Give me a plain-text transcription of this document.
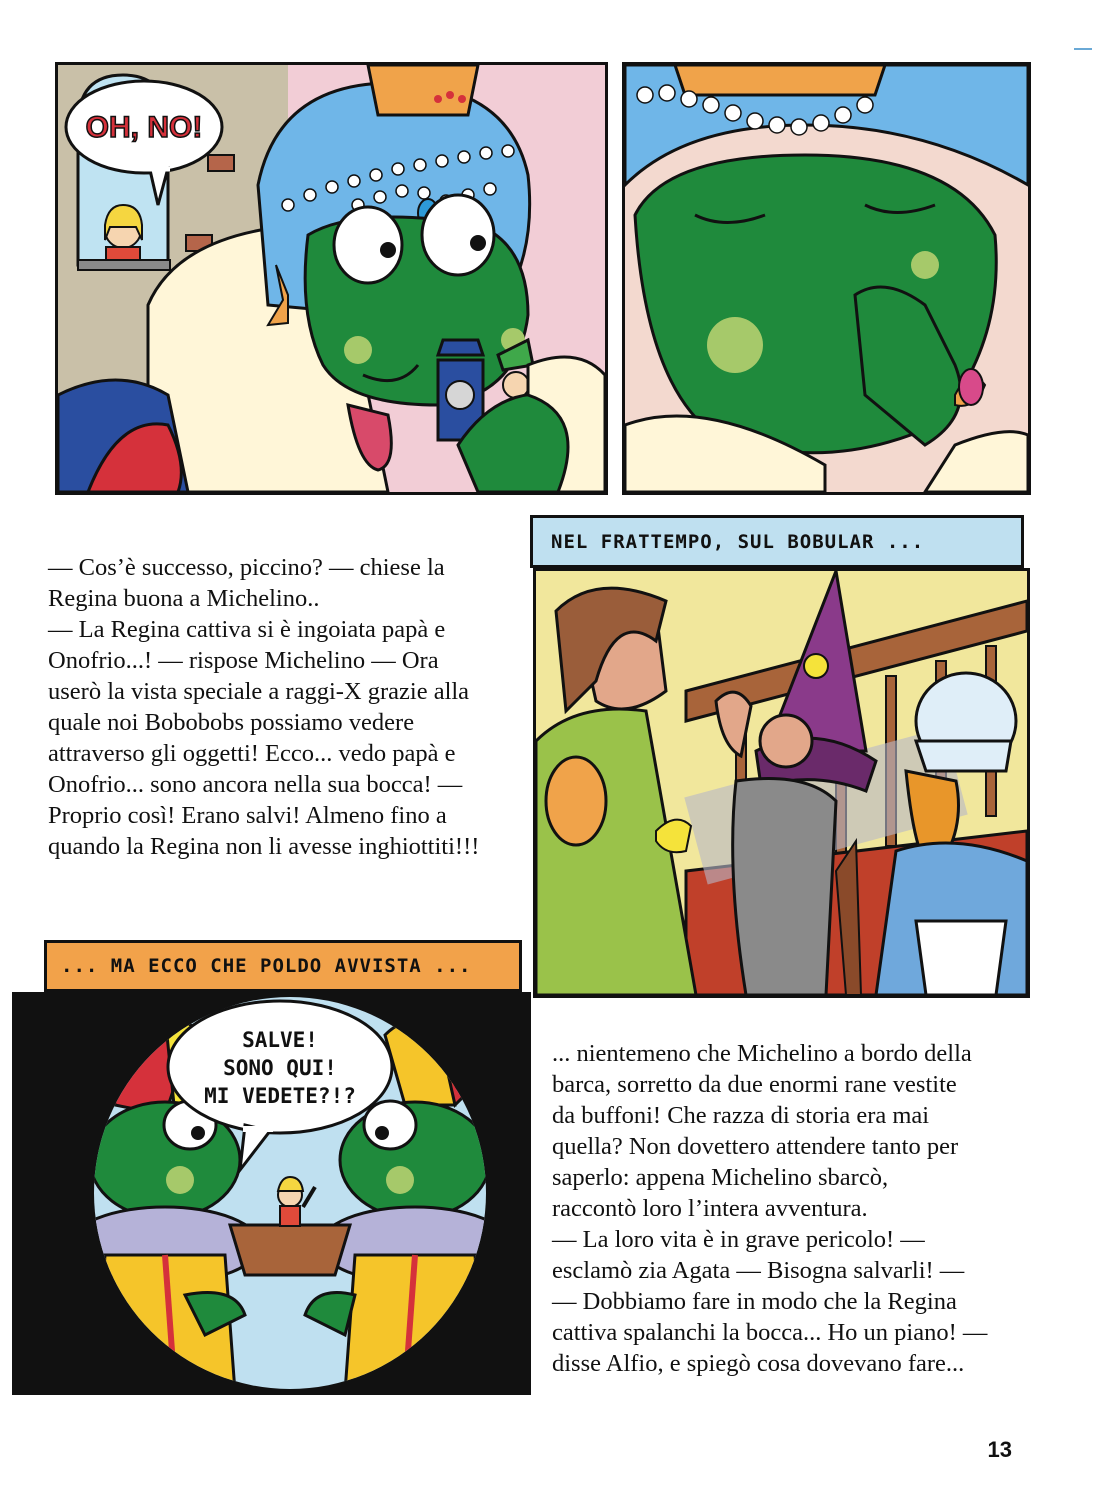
OH, NO!
NEL FRATTEMPO, SUL BOBULAR ...

— Cos’è successo, piccino? — chiese la

Regina buona a Michelino..

— La Regina cattiva si è ingoiata papà e

Onofrio...! — rispose Michelino — Ora

userò la vista speciale a raggi-X grazie alla

quale noi Bobobobs possiamo vedere

attraverso gli oggetti! Ecco... vedo papà e

Onofrio... sono ancora nella sua bocca! —

Proprio così! Erano salvi! Almeno fino a

quando la Regina non li avesse inghiottiti!!!

... MA ECCO CHE POLDO AVVISTA ...
SALVE!
SONO QUI!
MI VEDETE?!?

... nientemeno che Michelino a bordo della

barca, sorretto da due enormi rane vestite

da buffoni! Che razza di storia era mai

quella? Non dovettero attendere tanto per

saperlo: appena Michelino sbarcò,

raccontò loro l’intera avventura.

— La loro vita è in grave pericolo! —

esclamò zia Agata — Bisogna salvarli! —

— Dobbiamo fare in modo che la Regina

cattiva spalanchi la bocca... Ho un piano! —

disse Alfio, e spiegò cosa dovevano fare...

13
